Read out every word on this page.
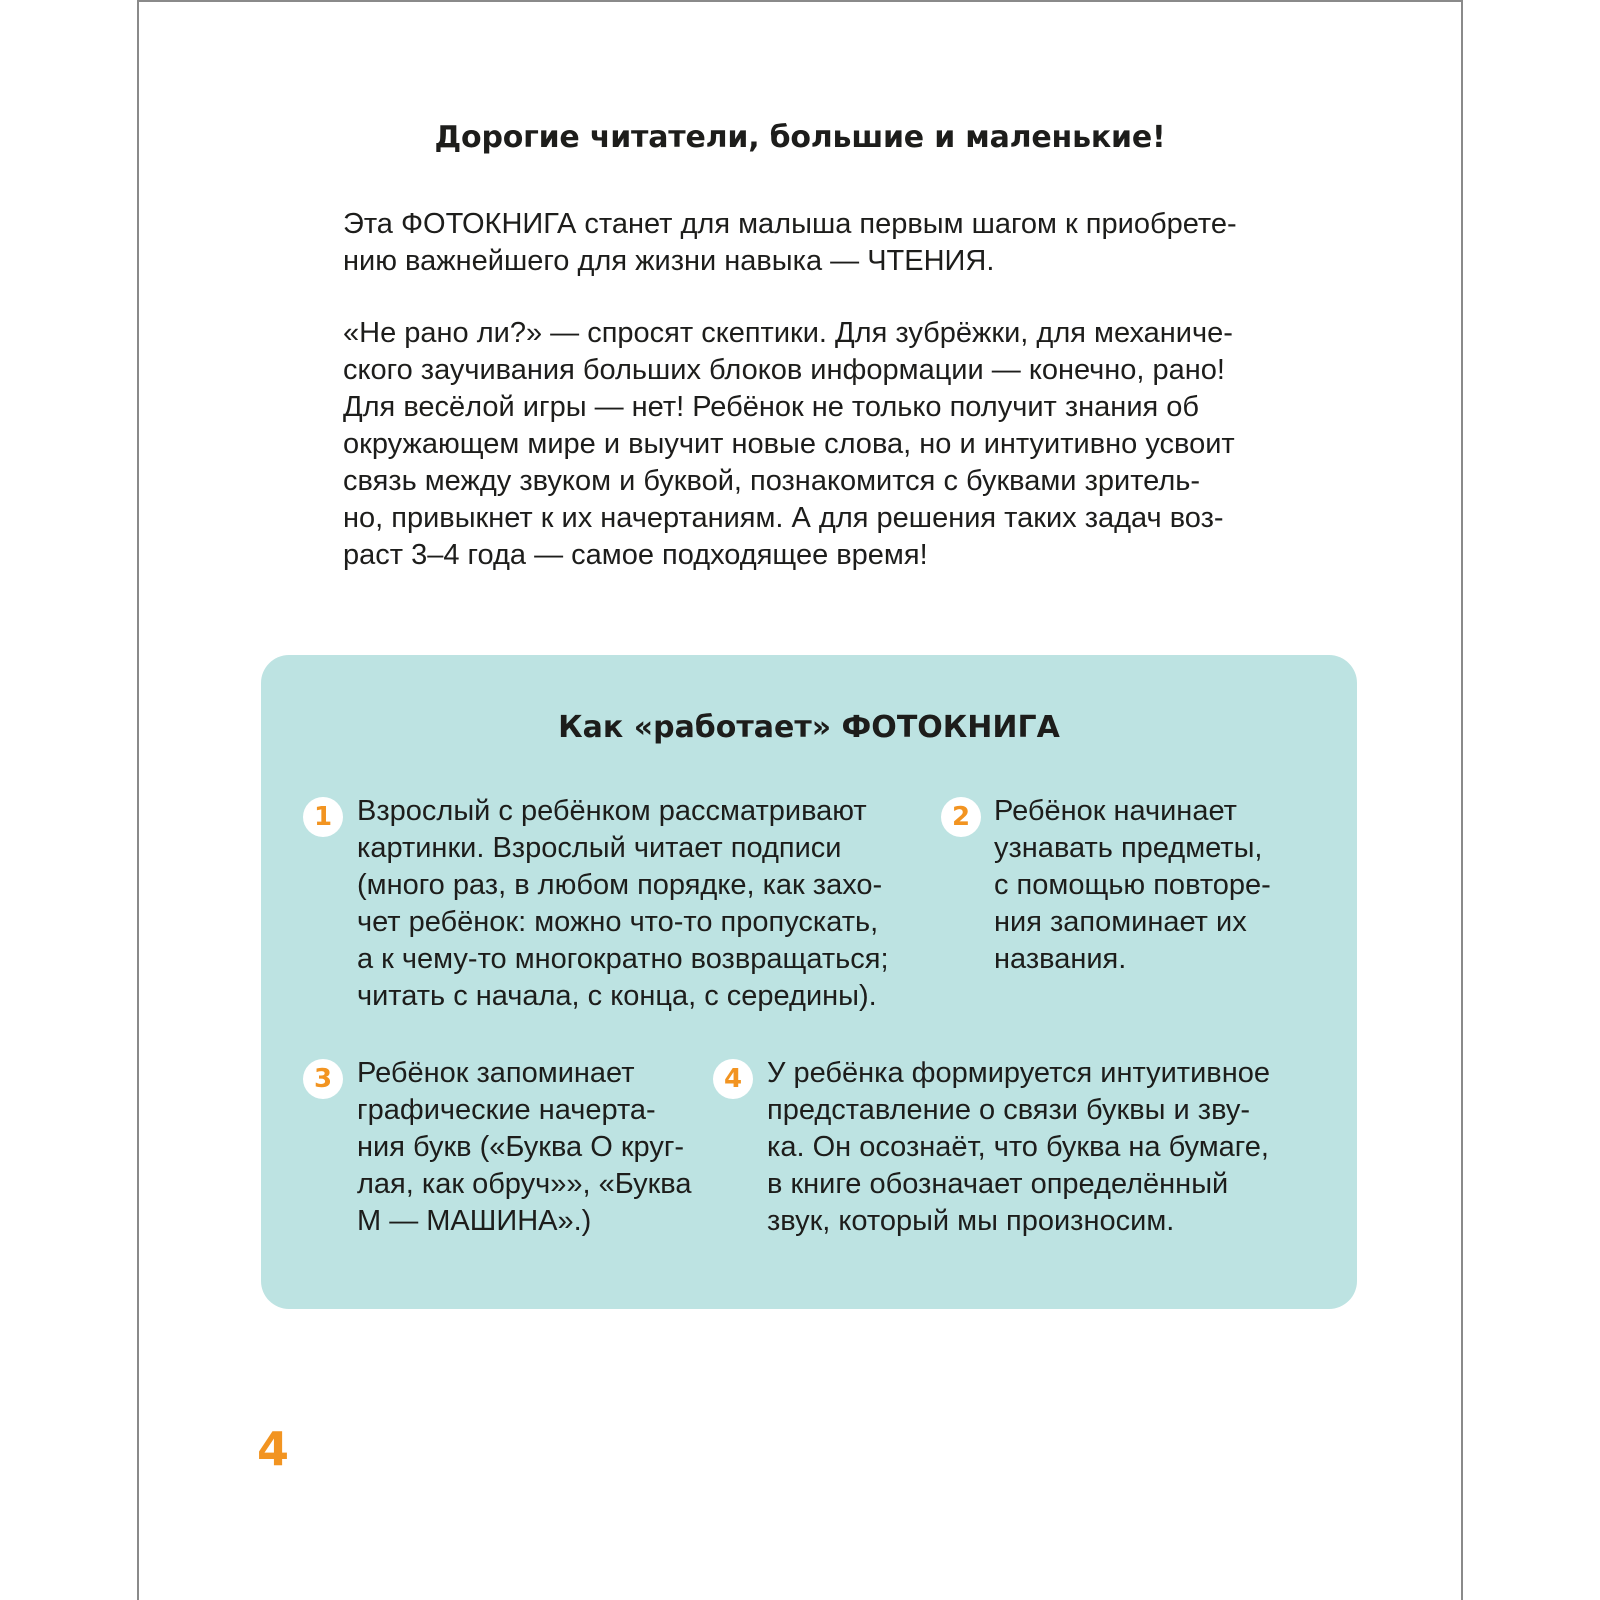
Дорогие читатели, большие и маленькие!
Эта ФОТОКНИГА станет для малыша первым шагом к приобрете-
нию важнейшего для жизни навыка — ЧТЕНИЯ.
«Не рано ли?» — спросят скептики. Для зубрёжки, для механиче-
ского заучивания больших блоков информации — конечно, рано!
Для весёлой игры — нет! Ребёнок не только получит знания об
окружающем мире и выучит новые слова, но и интуитивно усвоит
связь между звуком и буквой, познакомится с буквами зритель-
но, привыкнет к их начертаниям. А для решения таких задач воз-
раст 3–4 года — самое подходящее время!
Как «работает» ФОТОКНИГА
1 Взрослый с ребёнком рассматривают
картинки. Взрослый читает подписи
(много раз, в любом порядке, как захо-
чет ребёнок: можно что-то пропускать,
а к чему-то многократно возвращаться;
читать с начала, с конца, с середины).
2 Ребёнок начинает
узнавать предметы,
с помощью повторе-
ния запоминает их
названия.
3 Ребёнок запоминает
графические начерта-
ния букв («Буква О круг-
лая, как обруч»», «Буква
М — МАШИНА».)
4 У ребёнка формируется интуитивное
представление о связи буквы и зву-
ка. Он осознаёт, что буква на бумаге,
в книге обозначает определённый
звук, который мы произносим.
4
